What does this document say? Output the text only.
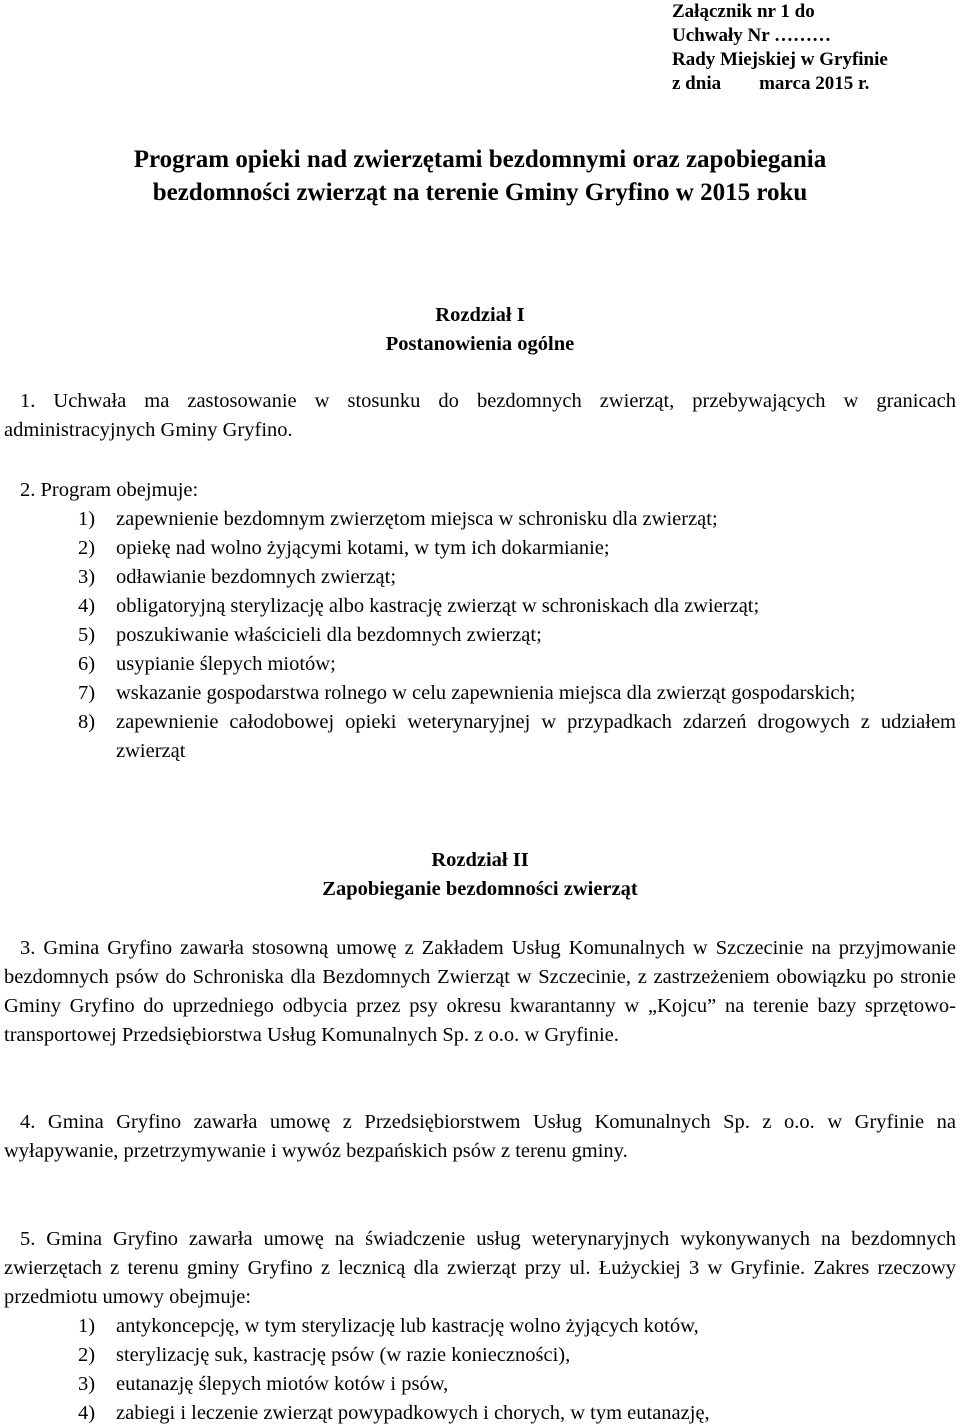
Załącznik nr 1 do
Uchwały Nr ………
Rady Miejskiej w Gryfinie
z dnia        marca 2015 r.
Program opieki nad zwierzętami bezdomnymi oraz zapobiegania
bezdomności zwierząt na terenie Gminy Gryfino w 2015 roku
Rozdział I
Postanowienia ogólne
1. Uchwała ma zastosowanie w stosunku do bezdomnych zwierząt, przebywających w granicach administracyjnych Gminy Gryfino.
2. Program obejmuje:
1) zapewnienie bezdomnym zwierzętom miejsca w schronisku dla zwierząt;
2) opiekę nad wolno żyjącymi kotami, w tym ich dokarmianie;
3) odławianie bezdomnych zwierząt;
4) obligatoryjną sterylizację albo kastrację zwierząt w schroniskach dla zwierząt;
5) poszukiwanie właścicieli dla bezdomnych zwierząt;
6) usypianie ślepych miotów;
7) wskazanie gospodarstwa rolnego w celu zapewnienia miejsca dla zwierząt gospodarskich;
8) zapewnienie całodobowej opieki weterynaryjnej w przypadkach zdarzeń drogowych z udziałem zwierząt
Rozdział II
Zapobieganie bezdomności zwierząt
3. Gmina Gryfino zawarła stosowną umowę z Zakładem Usług Komunalnych w Szczecinie na przyjmowanie bezdomnych psów do Schroniska dla Bezdomnych Zwierząt w Szczecinie, z zastrzeżeniem obowiązku po stronie Gminy Gryfino do uprzedniego odbycia przez psy okresu kwarantanny w „Kojcu” na terenie bazy sprzętowo-transportowej Przedsiębiorstwa Usług Komunalnych Sp. z o.o. w Gryfinie.
4. Gmina Gryfino zawarła umowę z Przedsiębiorstwem Usług Komunalnych Sp. z o.o. w Gryfinie na wyłapywanie, przetrzymywanie i wywóz bezpańskich psów z terenu gminy.
5. Gmina Gryfino zawarła umowę na świadczenie usług weterynaryjnych wykonywanych na bezdomnych zwierzętach z terenu gminy Gryfino z lecznicą dla zwierząt przy ul. Łużyckiej 3 w Gryfinie. Zakres rzeczowy przedmiotu umowy obejmuje:
1) antykoncepcję, w tym sterylizację lub kastrację wolno żyjących kotów,
2) sterylizację suk, kastrację psów (w razie konieczności),
3) eutanazję ślepych miotów kotów i psów,
4) zabiegi i leczenie zwierząt powypadkowych i chorych, w tym eutanazję,
